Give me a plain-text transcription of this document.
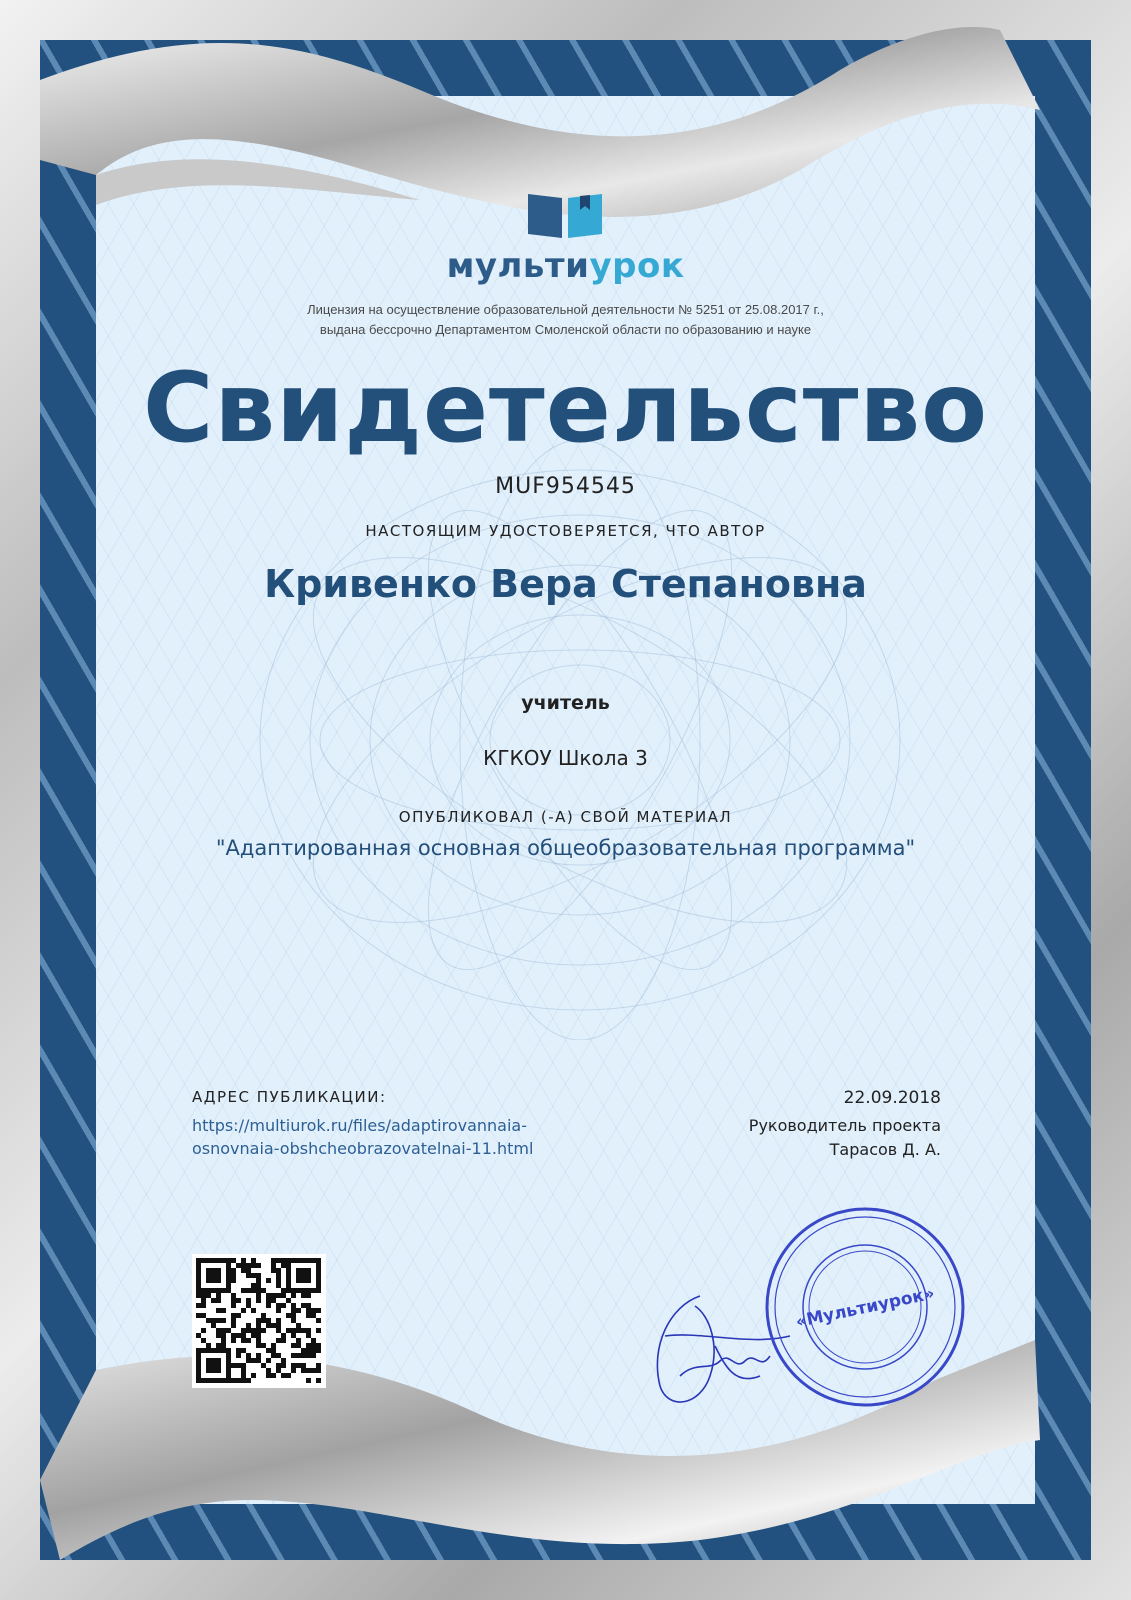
мультиурок
Лицензия на осуществление образовательной деятельности № 5251 от 25.08.2017 г.,
выдана бессрочно Департаментом Смоленской области по образованию и науке
Свидетельство
MUF954545
НАСТОЯЩИМ УДОСТОВЕРЯЕТСЯ, ЧТО АВТОР
Кривенко Вера Степановна
учитель
КГКОУ Школа 3
ОПУБЛИКОВАЛ (-А) СВОЙ МАТЕРИАЛ
"Адаптированная основная общеобразовательная программа"
АДРЕС ПУБЛИКАЦИИ:
https://multiurok.ru/files/adaptirovannaia-
osnovnaia-obshcheobrazovatelnai-11.html
22.09.2018
Руководитель проекта
Тарасов Д. А.
«Мультиурок»
